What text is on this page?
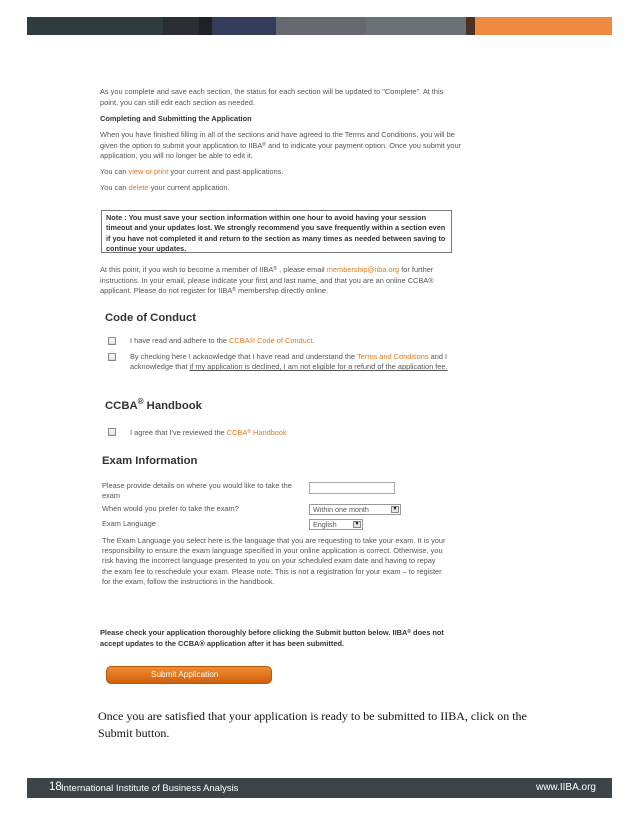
As you complete and save each section, the status for each section will be updated to "Complete". At this point, you can still edit each section as needed.
Completing and Submitting the Application
When you have finished filling in all of the sections and have agreed to the Terms and Conditions, you will be given the option to submit your application to IIBA® and to indicate your payment option. Once you submit your application, you will no longer be able to edit it.
You can view or print your current and past applications.
You can delete your current application.
Note : You must save your section information within one hour to avoid having your session timeout and your updates lost. We strongly recommend you save frequently within a section even if you have not completed it and return to the section as many times as needed between saving to continue your updates.
At this point, if you wish to become a member of IIBA® , please email membership@iiba.org for further instructions. In your email, please indicate your first and last name, and that you are an online CCBA® applicant. Please do not register for IIBA® membership directly online.
Code of Conduct
I have read and adhere to the CCBA® Code of Conduct.
By checking here I acknowledge that I have read and understand the Terms and Conditions and I acknowledge that if my application is declined, I am not eligible for a refund of the application fee.
CCBA® Handbook
I agree that I've reviewed the CCBA® Handbook
Exam Information
Please provide details on where you would like to take the exam
When would you prefer to take the exam?	Within one month	▼
Exam Language	English	▼
The Exam Language you select here is the language that you are requesting to take your exam. It is your responsibility to ensure the exam language specified in your online application is correct. Otherwise, you risk having the incorrect language presented to you on your scheduled exam date and having to repay the exam fee to reschedule your exam. Please note: This is not a registration for your exam – to register for the exam, follow the instructions in the handbook.
Please check your application thoroughly before clicking the Submit button below. IIBA® does not accept updates to the CCBA® application after it has been submitted.
Submit Application
Once you are satisfied that your application is ready to be submitted to IIBA, click on the Submit button.
18 International Institute of Business Analysis	www.IIBA.org
